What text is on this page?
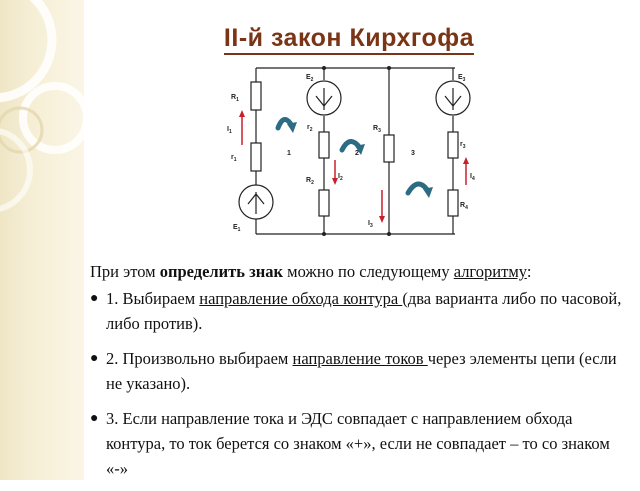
II-й закон Кирхгофа
$E_2$	$E_3$
$E_1$
$R_1$
$R_2$
$R_3$
$R_4$
$r_1$
$r_2$
$r_3$
$I_1$
$I_2$
$I_3$
$I_4$
1	2	3

При этом определить знак можно по следующему алгоритму:

● 1. Выбираем направление обхода контура (два варианта либо по часовой, либо против).
● 2. Произвольно выбираем направление токов через элементы цепи (если не указано).
● 3. Если направление тока и ЭДС совпадает с направлением обхода контура, то ток берется со знаком «+», если не совпадает – то со знаком «-»
